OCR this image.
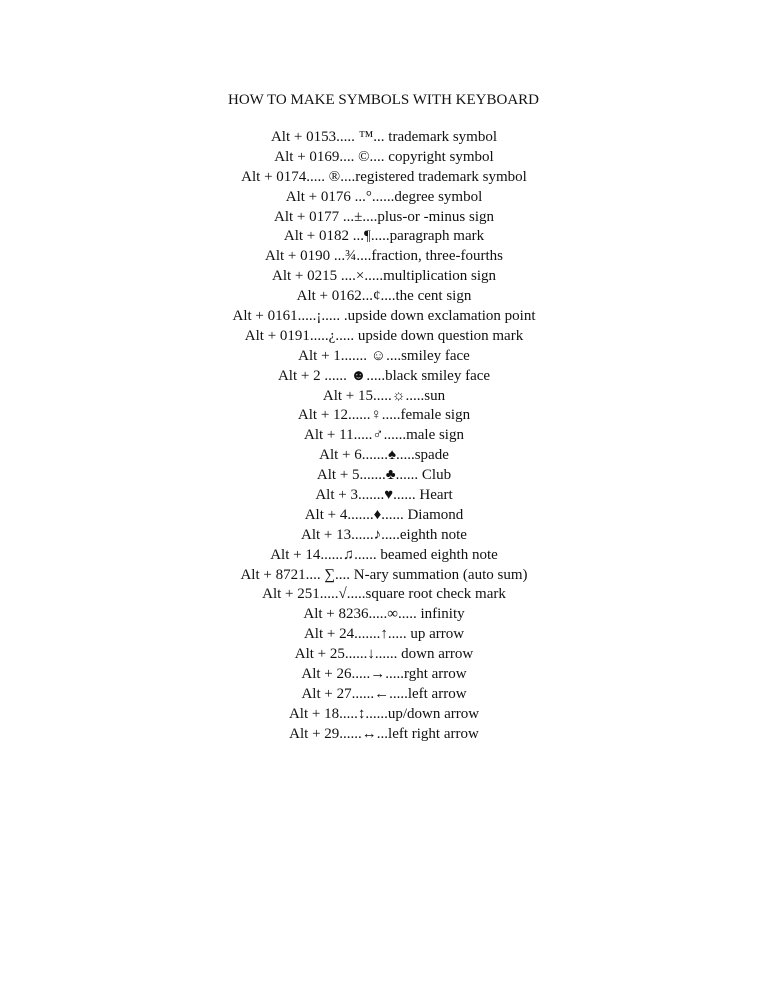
HOW TO MAKE SYMBOLS WITH KEYBOARD
Alt + 0153..... ™... trademark symbol
Alt + 0169.... ©.... copyright symbol
Alt + 0174..... ®....registered trademark symbol
Alt + 0176 ...°......degree symbol
Alt + 0177 ...±....plus-or -minus sign
Alt + 0182 ...¶.....paragraph mark
Alt + 0190 ...¾....fraction, three-fourths
Alt + 0215 ....×.....multiplication sign
Alt + 0162...¢....the cent sign
Alt + 0161.....¡..... .upside down exclamation point
Alt + 0191.....¿..... upside down question mark
Alt + 1....... ☺....smiley face
Alt + 2 ...... ☻.....black smiley face
Alt + 15.....☼.....sun
Alt + 12......♀.....female sign
Alt + 11.....♂......male sign
Alt + 6.......♠.....spade
Alt + 5.......♣...... Club
Alt + 3.......♥...... Heart
Alt + 4.......♦...... Diamond
Alt + 13......♪.....eighth note
Alt + 14......♫...... beamed eighth note
Alt + 8721.... ∑.... N-ary summation (auto sum)
Alt + 251.....√.....square root check mark
Alt + 8236.....∞..... infinity
Alt + 24.......↑..... up arrow
Alt + 25......↓...... down arrow
Alt + 26.....→.....rght arrow
Alt + 27......←.....left arrow
Alt + 18.....↕......up/down arrow
Alt + 29......↔...left right arrow
